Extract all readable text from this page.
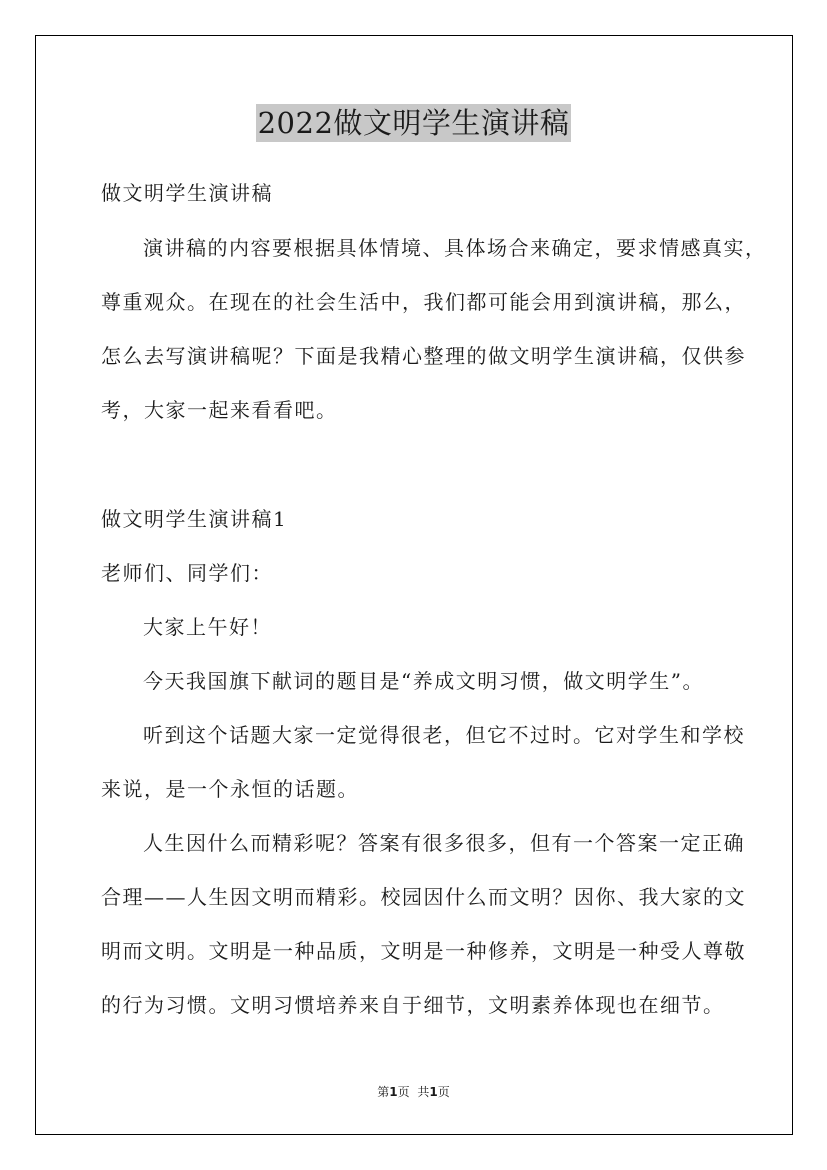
2022做文明学生演讲稿
做文明学生演讲稿
演讲稿的内容要根据具体情境、具体场合来确定，要求情感真实，
尊重观众。在现在的社会生活中，我们都可能会用到演讲稿，那么，
怎么去写演讲稿呢？下面是我精心整理的做文明学生演讲稿，仅供参
考，大家一起来看看吧。
做文明学生演讲稿1
老师们、同学们：
大家上午好！
今天我国旗下献词的题目是“养成文明习惯，做文明学生”。
听到这个话题大家一定觉得很老，但它不过时。它对学生和学校
来说，是一个永恒的话题。
人生因什么而精彩呢？答案有很多很多，但有一个答案一定正确
合理——人生因文明而精彩。校园因什么而文明？因你、我大家的文
明而文明。文明是一种品质，文明是一种修养，文明是一种受人尊敬
的行为习惯。文明习惯培养来自于细节，文明素养体现也在细节。
第1页 共1页
